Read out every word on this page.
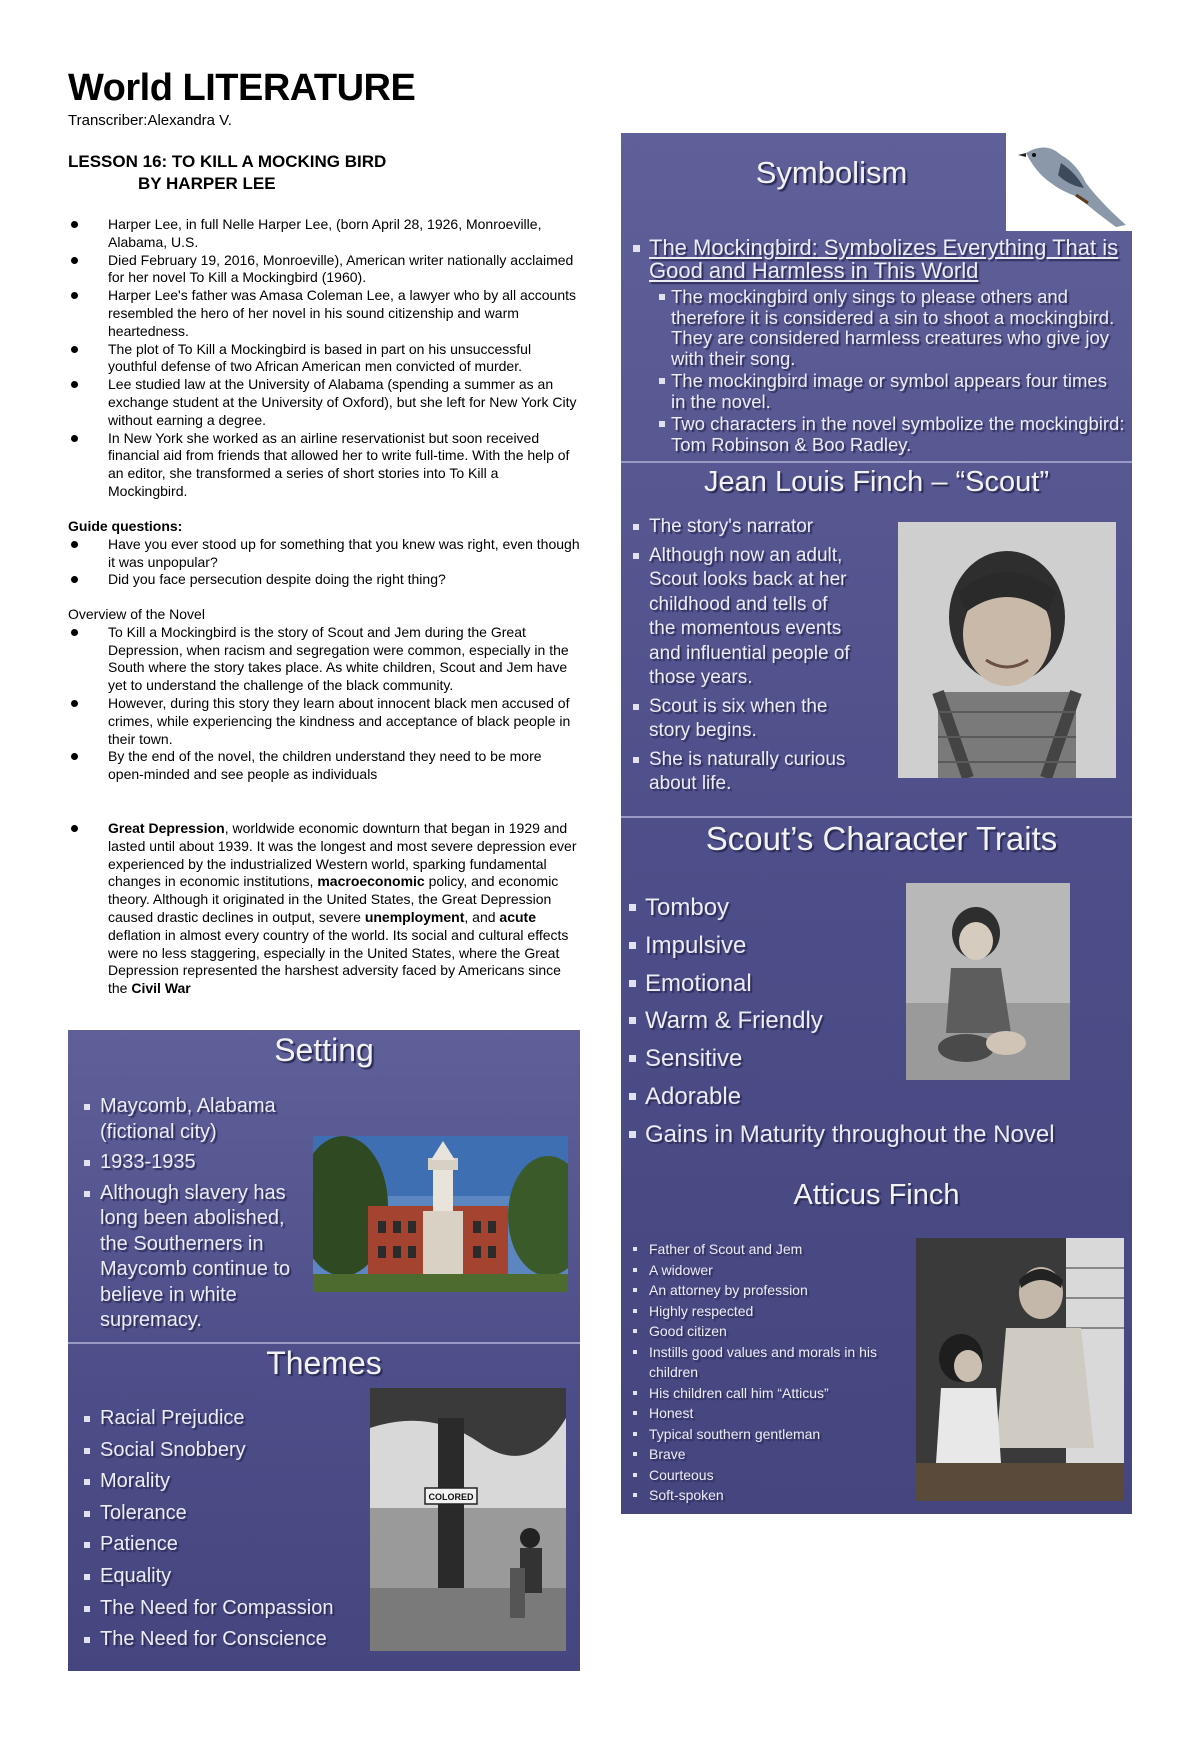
World LITERATURE
Transcriber:Alexandra V.
LESSON 16: TO KILL A MOCKING BIRD
BY HARPER LEE
Harper Lee, in full Nelle Harper Lee, (born April 28, 1926, Monroeville, Alabama, U.S.
Died February 19, 2016, Monroeville), American writer nationally acclaimed for her novel To Kill a Mockingbird (1960).
Harper Lee's father was Amasa Coleman Lee, a lawyer who by all accounts resembled the hero of her novel in his sound citizenship and warm heartedness.
The plot of To Kill a Mockingbird is based in part on his unsuccessful youthful defense of two African American men convicted of murder.
Lee studied law at the University of Alabama (spending a summer as an exchange student at the University of Oxford), but she left for New York City without earning a degree.
In New York she worked as an airline reservationist but soon received financial aid from friends that allowed her to write full-time. With the help of an editor, she transformed a series of short stories into To Kill a Mockingbird.
Guide questions:
Have you ever stood up for something that you knew was right, even though it was unpopular?
Did you face persecution despite doing the right thing?
Overview of the Novel
To Kill a Mockingbird is the story of Scout and Jem during the Great Depression, when racism and segregation were common, especially in the South where the story takes place. As white children, Scout and Jem have yet to understand the challenge of the black community.
However, during this story they learn about innocent black men accused of crimes, while experiencing the kindness and acceptance of black people in their town.
By the end of the novel, the children understand they need to be more open-minded and see people as individuals
Great Depression, worldwide economic downturn that began in 1929 and lasted until about 1939. It was the longest and most severe depression ever experienced by the industrialized Western world, sparking fundamental changes in economic institutions, macroeconomic policy, and economic theory. Although it originated in the United States, the Great Depression caused drastic declines in output, severe unemployment, and acute deflation in almost every country of the world. Its social and cultural effects were no less staggering, especially in the United States, where the Great Depression represented the harshest adversity faced by Americans since the Civil War
Setting
Maycomb, Alabama (fictional city)
1933-1935
Although slavery has long been abolished, the Southerners in Maycomb continue to believe in white supremacy.
Themes
Racial Prejudice
Social Snobbery
Morality
Tolerance
Patience
Equality
The Need for Compassion
The Need for Conscience
COLORED
Symbolism
The Mockingbird: Symbolizes Everything That is Good and Harmless in This World
The mockingbird only sings to please others and therefore it is considered a sin to shoot a mockingbird. They are considered harmless creatures who give joy with their song.
The mockingbird image or symbol appears four times in the novel.
Two characters in the novel symbolize the mockingbird: Tom Robinson & Boo Radley.
Jean Louis Finch – “Scout”
The story's narrator
Although now an adult, Scout looks back at her childhood and tells of the momentous events and influential people of those years.
Scout is six when the story begins.
She is naturally curious about life.
Scout’s Character Traits
Tomboy
Impulsive
Emotional
Warm & Friendly
Sensitive
Adorable
Gains in Maturity throughout the Novel
Atticus Finch
Father of Scout and Jem
A widower
An attorney by profession
Highly respected
Good citizen
Instills good values and morals in his children
His children call him “Atticus”
Honest
Typical southern gentleman
Brave
Courteous
Soft-spoken
